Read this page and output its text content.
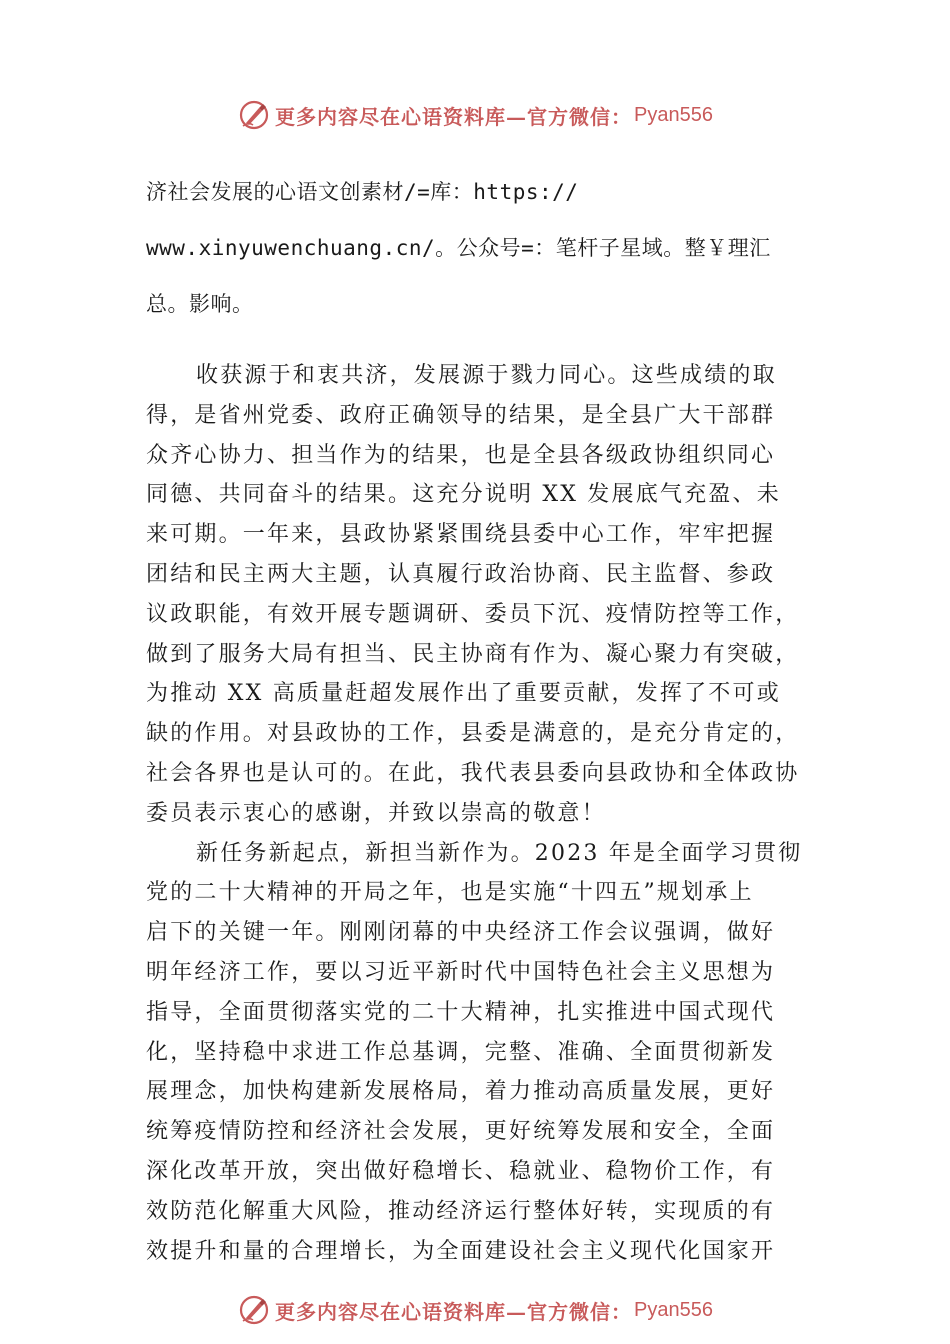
更多内容尽在心语资料库—官方微信： Pyan556

济社会发展的心语文创素材/=库：https://

www.xinyuwenchuang.cn/。公众号=：笔杆子星域。整￥理汇

总。影响。

收获源于和衷共济，发展源于戮力同心。这些成绩的取
得，是省州党委、政府正确领导的结果，是全县广大干部群
众齐心协力、担当作为的结果，也是全县各级政协组织同心
同德、共同奋斗的结果。这充分说明 XX 发展底气充盈、未
来可期。一年来，县政协紧紧围绕县委中心工作，牢牢把握
团结和民主两大主题，认真履行政治协商、民主监督、参政
议政职能，有效开展专题调研、委员下沉、疫情防控等工作，
做到了服务大局有担当、民主协商有作为、凝心聚力有突破，
为推动 XX 高质量赶超发展作出了重要贡献，发挥了不可或
缺的作用。对县政协的工作，县委是满意的，是充分肯定的，
社会各界也是认可的。在此，我代表县委向县政协和全体政协
委员表示衷心的感谢，并致以崇高的敬意！
新任务新起点，新担当新作为。2023 年是全面学习贯彻
党的二十大精神的开局之年，也是实施“十四五”规划承上
启下的关键一年。刚刚闭幕的中央经济工作会议强调，做好
明年经济工作，要以习近平新时代中国特色社会主义思想为
指导，全面贯彻落实党的二十大精神，扎实推进中国式现代
化，坚持稳中求进工作总基调，完整、准确、全面贯彻新发
展理念，加快构建新发展格局，着力推动高质量发展，更好
统筹疫情防控和经济社会发展，更好统筹发展和安全，全面
深化改革开放，突出做好稳增长、稳就业、稳物价工作，有
效防范化解重大风险，推动经济运行整体好转，实现质的有
效提升和量的合理增长，为全面建设社会主义现代化国家开
更多内容尽在心语资料库—官方微信： Pyan556
